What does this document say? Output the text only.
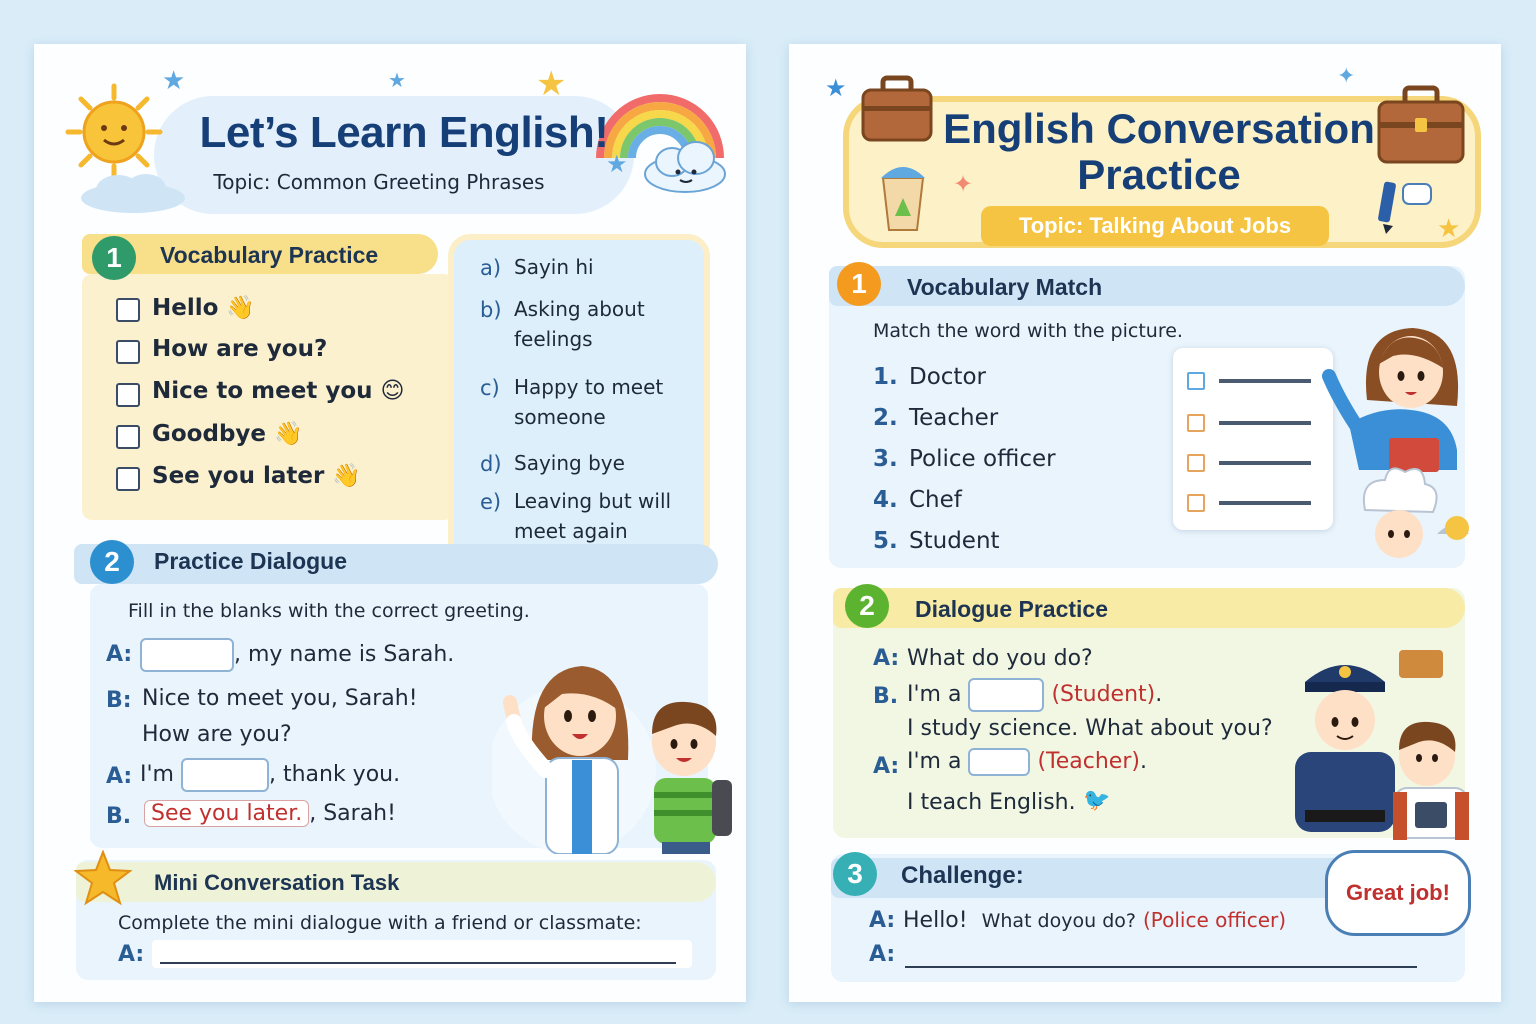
★	★	★
★
Let’s Learn English!
Topic: Common Greeting Phrases
1	Vocabulary Practice
Hello 👋
How are you?
Nice to meet you 😊
Goodbye 👋
See you later 👋
a) Sayin hi
b) Asking about feelings
c) Happy to meet someone
d) Saying bye
e) Leaving but will meet again
2	Practice Dialogue
Fill in the blanks with the correct greeting.
A:	, my name is Sarah.
B: Nice to meet you, Sarah!
How are you?
A: I'm	, thank you.
B. See you later. , Sarah!
Mini Conversation Task
Complete the mini dialogue with a friend or classmate:
A:
★	✦
✦
★
English Conversation
Practice
Topic: Talking About Jobs
1	Vocabulary Match
Match the word with the picture.
1. Doctor
2. Teacher
3. Police officer
4. Chef
5. Student
2	Dialogue Practice
A: What do you do?
B. I'm a	(Student).
I study science. What about you?
A: I'm a	(Teacher).
I teach English. 🐦
3	Challenge:
A: Hello! What doyou do? (Police officer)
A:
Great job!
